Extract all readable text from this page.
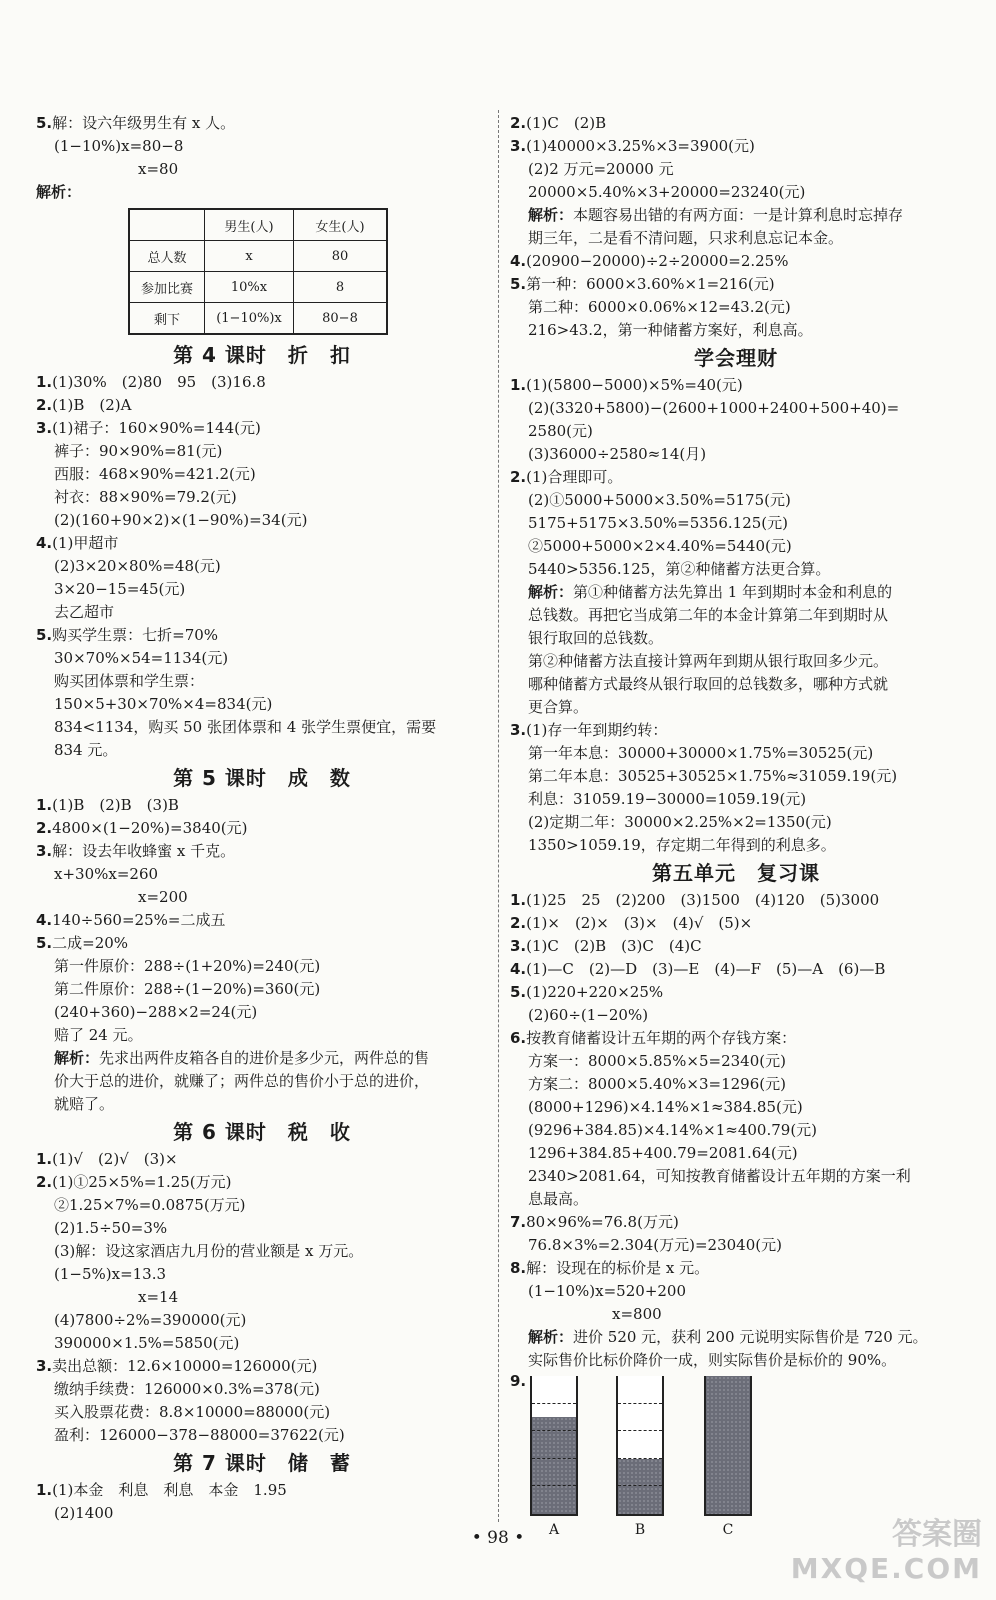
5.解：设六年级男生有 x 人。
(1−10%)x=80−8
x=80
解析：
	男生(人)	女生(人)
总人数	x	80
参加比赛	10%x	8
剩下	(1−10%)x	80−8
第 4 课时　折　扣
1.(1)30%　(2)80　95　(3)16.8
2.(1)B　(2)A
3.(1)裙子：160×90%=144(元)
裤子：90×90%=81(元)
西服：468×90%=421.2(元)
衬衣：88×90%=79.2(元)
(2)(160+90×2)×(1−90%)=34(元)
4.(1)甲超市
(2)3×20×80%=48(元)
3×20−15=45(元)
去乙超市
5.购买学生票：七折=70%
30×70%×54=1134(元)
购买团体票和学生票：
150×5+30×70%×4=834(元)
834<1134，购买 50 张团体票和 4 张学生票便宜，需要
834 元。
第 5 课时　成　数
1.(1)B　(2)B　(3)B
2.4800×(1−20%)=3840(元)
3.解：设去年收蜂蜜 x 千克。
x+30%x=260
x=200
4.140÷560=25%=二成五
5.二成=20%
第一件原价：288÷(1+20%)=240(元)
第二件原价：288÷(1−20%)=360(元)
(240+360)−288×2=24(元)
赔了 24 元。
解析：先求出两件皮箱各自的进价是多少元，两件总的售
价大于总的进价，就赚了；两件总的售价小于总的进价，
就赔了。
第 6 课时　税　收
1.(1)√　(2)√　(3)×
2.(1)①25×5%=1.25(万元)
②1.25×7%=0.0875(万元)
(2)1.5÷50=3%
(3)解：设这家酒店九月份的营业额是 x 万元。
(1−5%)x=13.3
x=14
(4)7800÷2%=390000(元)
390000×1.5%=5850(元)
3.卖出总额：12.6×10000=126000(元)
缴纳手续费：126000×0.3%=378(元)
买入股票花费：8.8×10000=88000(元)
盈利：126000−378−88000=37622(元)
第 7 课时　储　蓄
1.(1)本金　利息　利息　本金　1.95
(2)1400
2.(1)C　(2)B
3.(1)40000×3.25%×3=3900(元)
(2)2 万元=20000 元
20000×5.40%×3+20000=23240(元)
解析：本题容易出错的有两方面：一是计算利息时忘掉存
期三年，二是看不清问题，只求利息忘记本金。
4.(20900−20000)÷2÷20000=2.25%
5.第一种：6000×3.60%×1=216(元)
第二种：6000×0.06%×12=43.2(元)
216>43.2，第一种储蓄方案好，利息高。
学会理财
1.(1)(5800−5000)×5%=40(元)
(2)(3320+5800)−(2600+1000+2400+500+40)=
2580(元)
(3)36000÷2580≈14(月)
2.(1)合理即可。
(2)①5000+5000×3.50%=5175(元)
5175+5175×3.50%=5356.125(元)
②5000+5000×2×4.40%=5440(元)
5440>5356.125，第②种储蓄方法更合算。
解析：第①种储蓄方法先算出 1 年到期时本金和利息的
总钱数。再把它当成第二年的本金计算第二年到期时从
银行取回的总钱数。
第②种储蓄方法直接计算两年到期从银行取回多少元。
哪种储蓄方式最终从银行取回的总钱数多，哪种方式就
更合算。
3.(1)存一年到期约转：
第一年本息：30000+30000×1.75%=30525(元)
第二年本息：30525+30525×1.75%≈31059.19(元)
利息：31059.19−30000=1059.19(元)
(2)定期二年：30000×2.25%×2=1350(元)
1350>1059.19，存定期二年得到的利息多。
第五单元　复习课
1.(1)25　25　(2)200　(3)1500　(4)120　(5)3000
2.(1)×　(2)×　(3)×　(4)√　(5)×
3.(1)C　(2)B　(3)C　(4)C
4.(1)—C　(2)—D　(3)—E　(4)—F　(5)—A　(6)—B
5.(1)220+220×25%
(2)60÷(1−20%)
6.按教育储蓄设计五年期的两个存钱方案：
方案一：8000×5.85%×5=2340(元)
方案二：8000×5.40%×3=1296(元)
(8000+1296)×4.14%×1≈384.85(元)
(9296+384.85)×4.14%×1≈400.79(元)
1296+384.85+400.79=2081.64(元)
2340>2081.64，可知按教育储蓄设计五年期的方案一利
息最高。
7.80×96%=76.8(万元)
76.8×3%=2.304(万元)=23040(元)
8.解：设现在的标价是 x 元。
(1−10%)x=520+200
x=800
解析：进价 520 元，获利 200 元说明实际售价是 720 元。
实际售价比标价降价一成，则实际售价是标价的 90%。
9.
A	B	C
• 98 •	答案圈
MXQE.COM
